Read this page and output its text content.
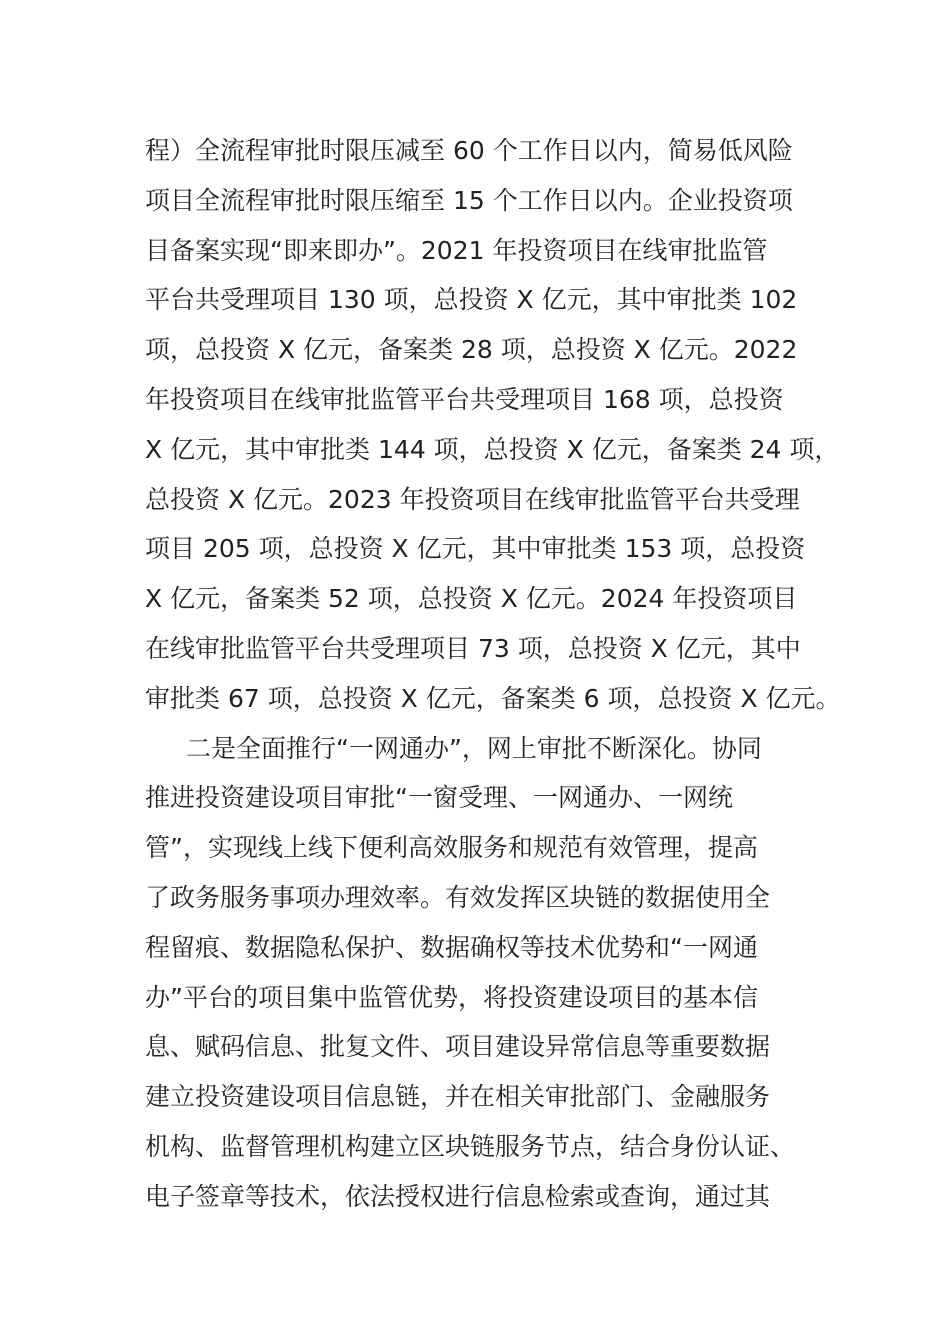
程）全流程审批时限压减至 60 个工作日以内，简易低风险
项目全流程审批时限压缩至 15 个工作日以内。企业投资项
目备案实现“即来即办”。2021 年投资项目在线审批监管
平台共受理项目 130 项，总投资 X 亿元，其中审批类 102
项，总投资 X 亿元，备案类 28 项，总投资 X 亿元。2022
年投资项目在线审批监管平台共受理项目 168 项，总投资
X 亿元，其中审批类 144 项，总投资 X 亿元，备案类 24 项，
总投资 X 亿元。2023 年投资项目在线审批监管平台共受理
项目 205 项，总投资 X 亿元，其中审批类 153 项，总投资
X 亿元，备案类 52 项，总投资 X 亿元。2024 年投资项目
在线审批监管平台共受理项目 73 项，总投资 X 亿元，其中
审批类 67 项，总投资 X 亿元，备案类 6 项，总投资 X 亿元。
二是全面推行“一网通办”，网上审批不断深化。协同
推进投资建设项目审批“一窗受理、一网通办、一网统
管”，实现线上线下便利高效服务和规范有效管理，提高
了政务服务事项办理效率。有效发挥区块链的数据使用全
程留痕、数据隐私保护、数据确权等技术优势和“一网通
办”平台的项目集中监管优势，将投资建设项目的基本信
息、赋码信息、批复文件、项目建设异常信息等重要数据
建立投资建设项目信息链，并在相关审批部门、金融服务
机构、监督管理机构建立区块链服务节点，结合身份认证、
电子签章等技术，依法授权进行信息检索或查询，通过其
